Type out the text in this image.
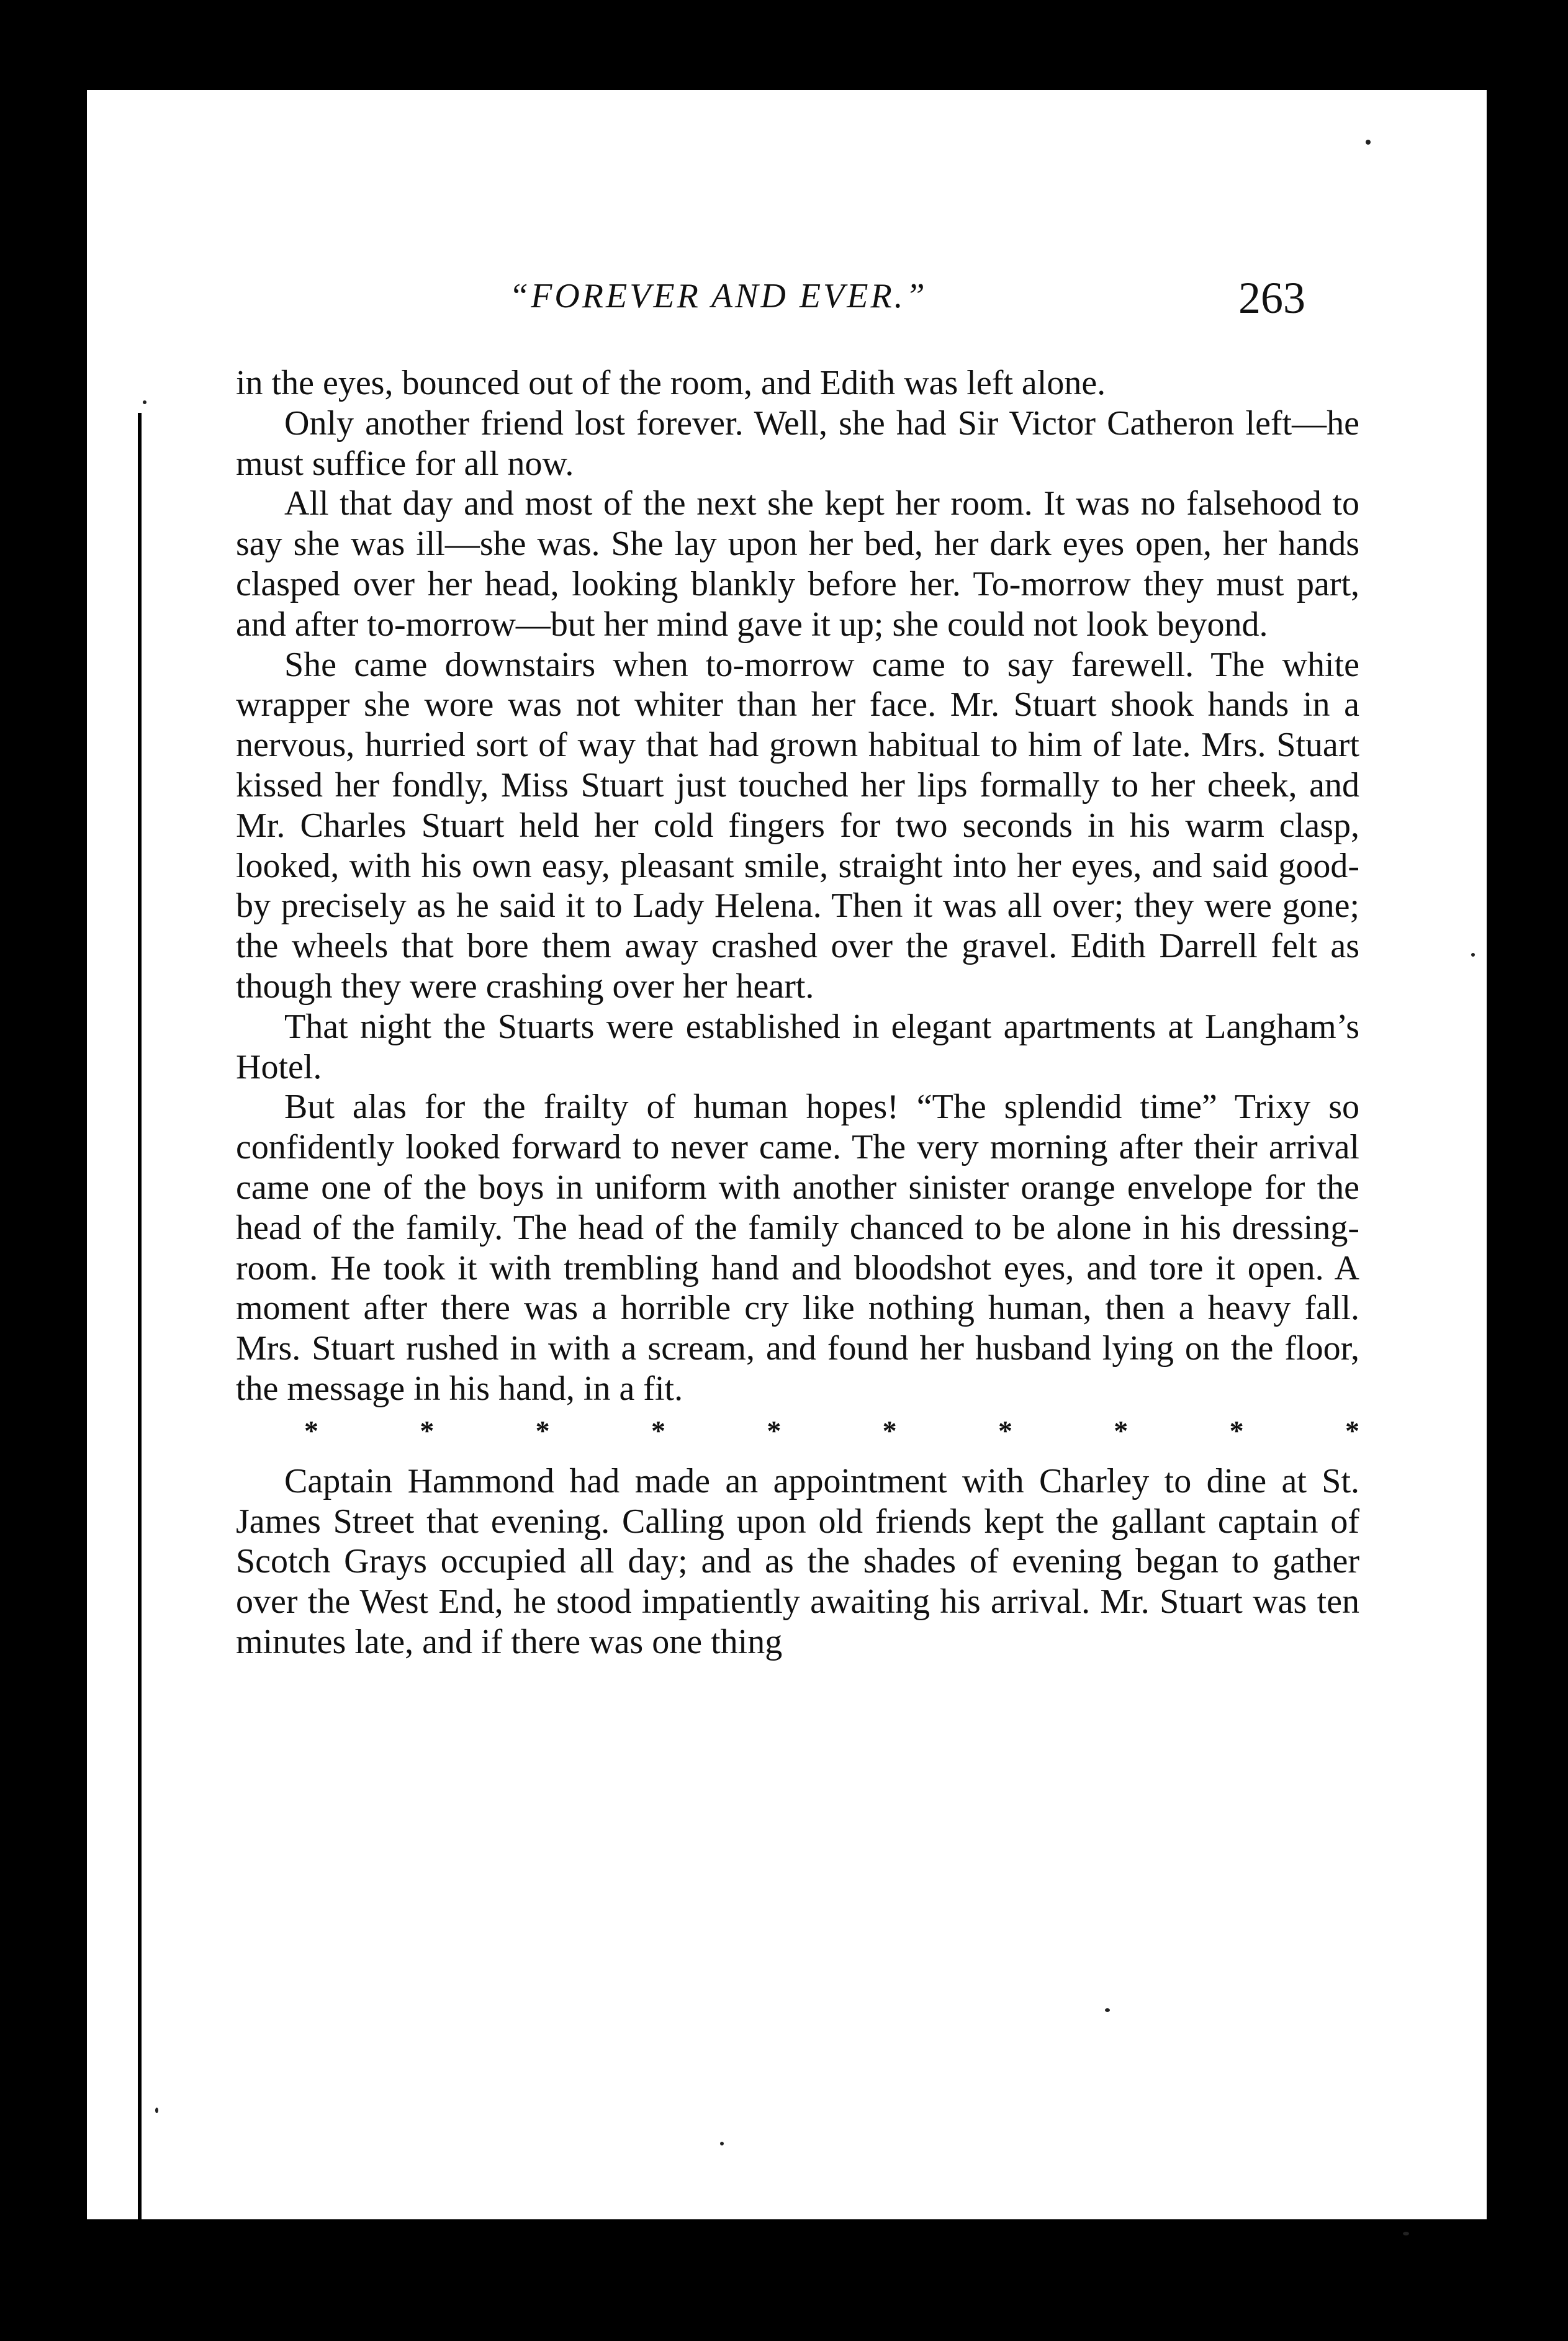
“FOREVER AND EVER.”	263

in the eyes, bounced out of the room, and Edith was left alone.

Only another friend lost forever. Well, she had Sir Victor Catheron left—he must suffice for all now.

All that day and most of the next she kept her room. It was no falsehood to say she was ill—she was. She lay upon her bed, her dark eyes open, her hands clasped over her head, looking blankly before her. To-morrow they must part, and after to-morrow—but her mind gave it up; she could not look beyond.

She came downstairs when to-morrow came to say farewell. The white wrapper she wore was not whiter than her face. Mr. Stuart shook hands in a nervous, hurried sort of way that had grown habitual to him of late. Mrs. Stuart kissed her fondly, Miss Stuart just touched her lips formally to her cheek, and Mr. Charles Stuart held her cold fingers for two seconds in his warm clasp, looked, with his own easy, pleasant smile, straight into her eyes, and said good-by precisely as he said it to Lady Helena. Then it was all over; they were gone; the wheels that bore them away crashed over the gravel. Edith Darrell felt as though they were crashing over her heart.

That night the Stuarts were established in elegant apartments at Langham’s Hotel.

But alas for the frailty of human hopes! “The splendid time” Trixy so confidently looked forward to never came. The very morning after their arrival came one of the boys in uniform with another sinister orange envelope for the head of the family. The head of the family chanced to be alone in his dressing-room. He took it with trembling hand and bloodshot eyes, and tore it open. A moment after there was a horrible cry like nothing human, then a heavy fall. Mrs. Stuart rushed in with a scream, and found her husband lying on the floor, the message in his hand, in a fit.

*	*	*	*	*	*	*	*	*	*

Captain Hammond had made an appointment with Charley to dine at St. James Street that evening. Calling upon old friends kept the gallant captain of Scotch Grays occupied all day; and as the shades of evening began to gather over the West End, he stood impatiently awaiting his arrival. Mr. Stuart was ten minutes late, and if there was one thing
